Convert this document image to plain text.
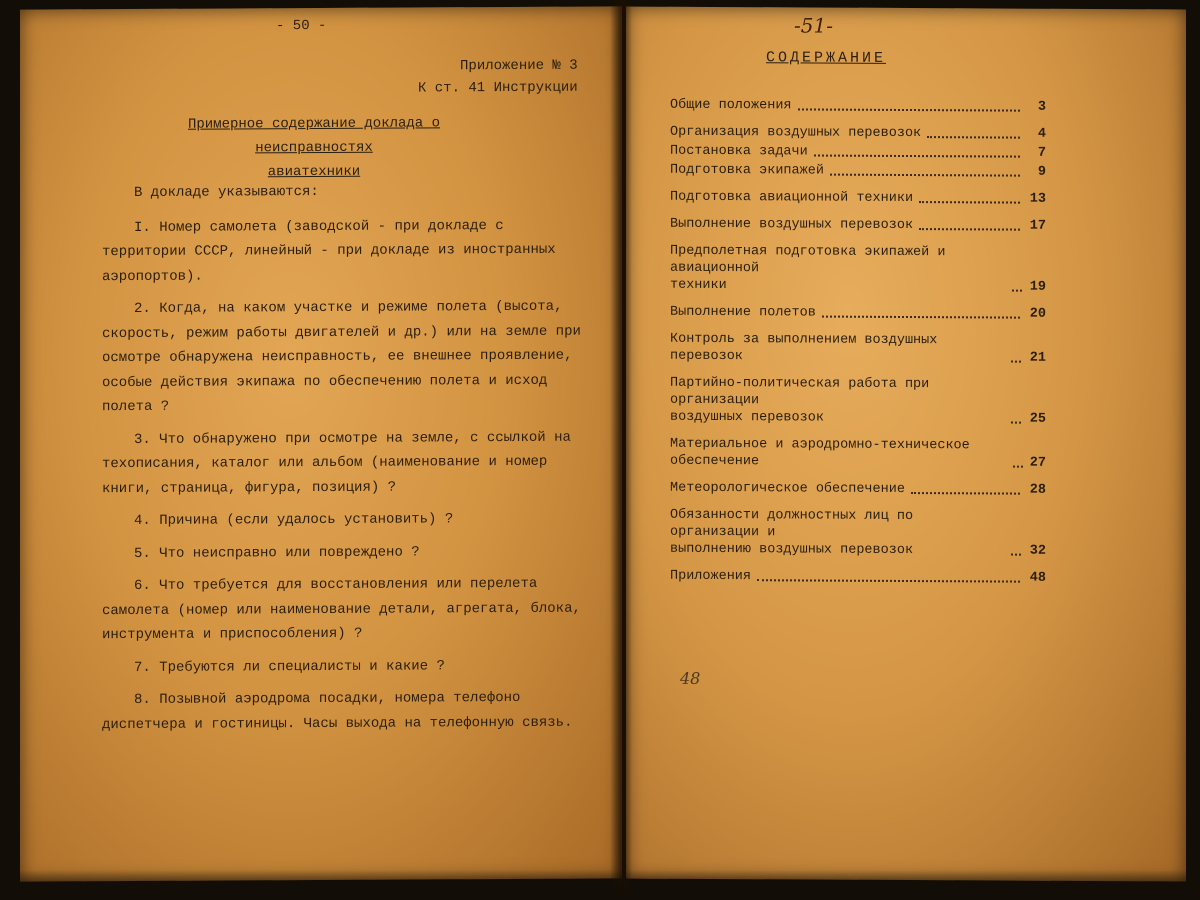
- 50 -
Приложение № 3
К ст. 41 Инструкции
Примерное содержание доклада о неисправностях
авиатехники

В докладе указываются:

I. Номер самолета (заводской - при докладе с территории СССР, линейный - при докладе из иностранных аэропортов).

2. Когда, на каком участке и режиме полета (высота, скорость, режим работы двигателей и др.) или на земле при осмотре обнаружена неисправность, ее внешнее проявление, особые действия экипажа по обеспечению полета и исход полета ?

3. Что обнаружено при осмотре на земле, с ссылкой на техописания, каталог или альбом (наименование и номер книги, страница, фигура, позиция) ?

4. Причина (если удалось установить) ?

5. Что неисправно или повреждено ?

6. Что требуется для восстановления или перелета самолета (номер или наименование детали, агрегата, блока, инструмента и приспособления) ?

7. Требуются ли специалисты и какие ?

8. Позывной аэродрома посадки, номера телефоно диспетчера и гостиницы. Часы выхода на телефонную связь.

-51-
СОДЕРЖАНИЕ
Общие положения	3
Организация воздушных перевозок	4
Постановка задачи	7
Подготовка экипажей	9
Подготовка авиационной техники	13
Выполнение воздушных перевозок	17
Предполетная подготовка экипажей и авиационной
техники	19
Выполнение полетов	20
Контроль за выполнением воздушных перевозок	21
Партийно-политическая работа при организации
воздушных перевозок	25
Материальное и аэродромно-техническое обеспечение	27
Метеорологическое обеспечение	28
Обязанности должностных лиц по организации и
выполнению воздушных перевозок	32
Приложения	48
48
